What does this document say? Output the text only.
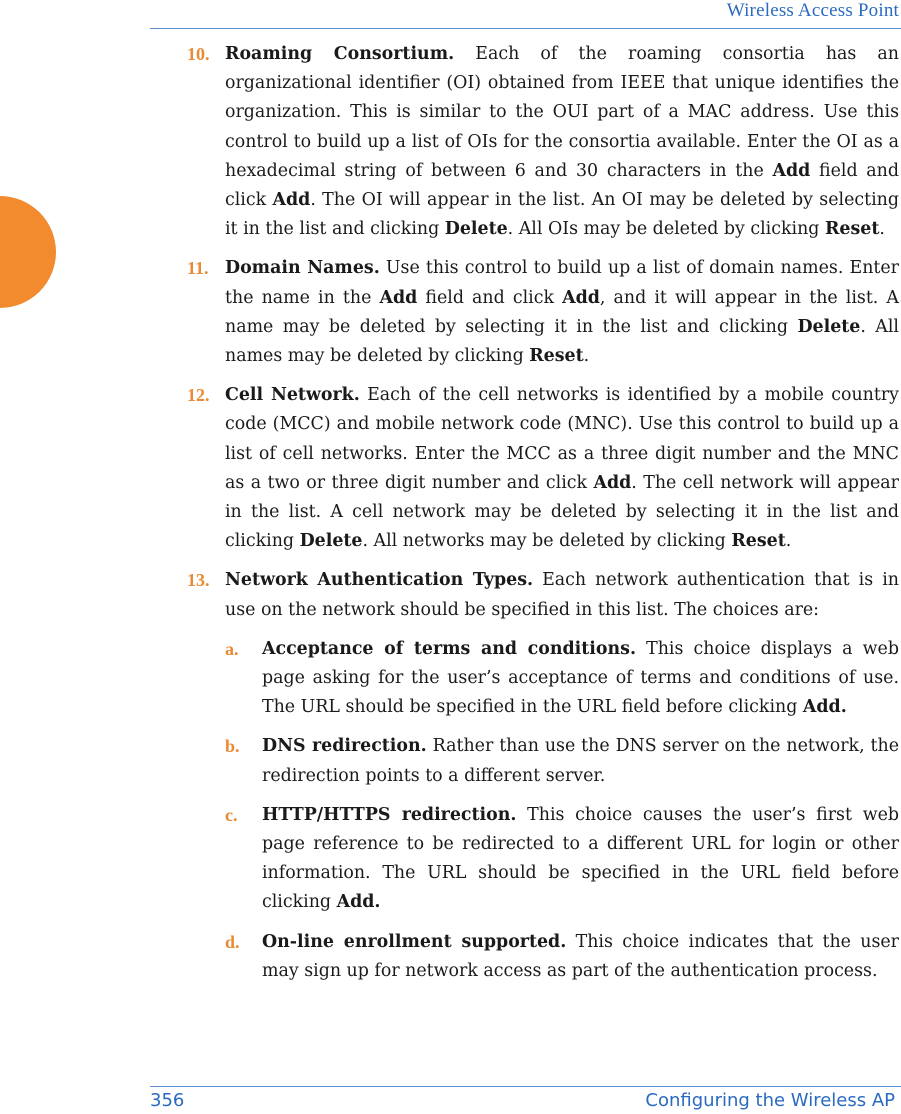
Wireless Access Point
10. Roaming Consortium. Each of the roaming consortia has an organizational identifier (OI) obtained from IEEE that unique identifies the organization. This is similar to the OUI part of a MAC address. Use this control to build up a list of OIs for the consortia available. Enter the OI as a hexadecimal string of between 6 and 30 characters in the Add field and click Add. The OI will appear in the list. An OI may be deleted by selecting it in the list and clicking Delete. All OIs may be deleted by clicking Reset.
11. Domain Names. Use this control to build up a list of domain names. Enter the name in the Add field and click Add, and it will appear in the list. A name may be deleted by selecting it in the list and clicking Delete. All names may be deleted by clicking Reset.
12. Cell Network. Each of the cell networks is identified by a mobile country code (MCC) and mobile network code (MNC). Use this control to build up a list of cell networks. Enter the MCC as a three digit number and the MNC as a two or three digit number and click Add. The cell network will appear in the list. A cell network may be deleted by selecting it in the list and clicking Delete. All networks may be deleted by clicking Reset.
13. Network Authentication Types. Each network authentication that is in use on the network should be specified in this list. The choices are:
a. Acceptance of terms and conditions. This choice displays a web page asking for the user’s acceptance of terms and conditions of use. The URL should be specified in the URL field before clicking Add.
b. DNS redirection. Rather than use the DNS server on the network, the redirection points to a different server.
c. HTTP/HTTPS redirection. This choice causes the user’s first web page reference to be redirected to a different URL for login or other information. The URL should be specified in the URL field before clicking Add.
d. On-line enrollment supported. This choice indicates that the user may sign up for network access as part of the authentication process.
356	Configuring the Wireless AP
